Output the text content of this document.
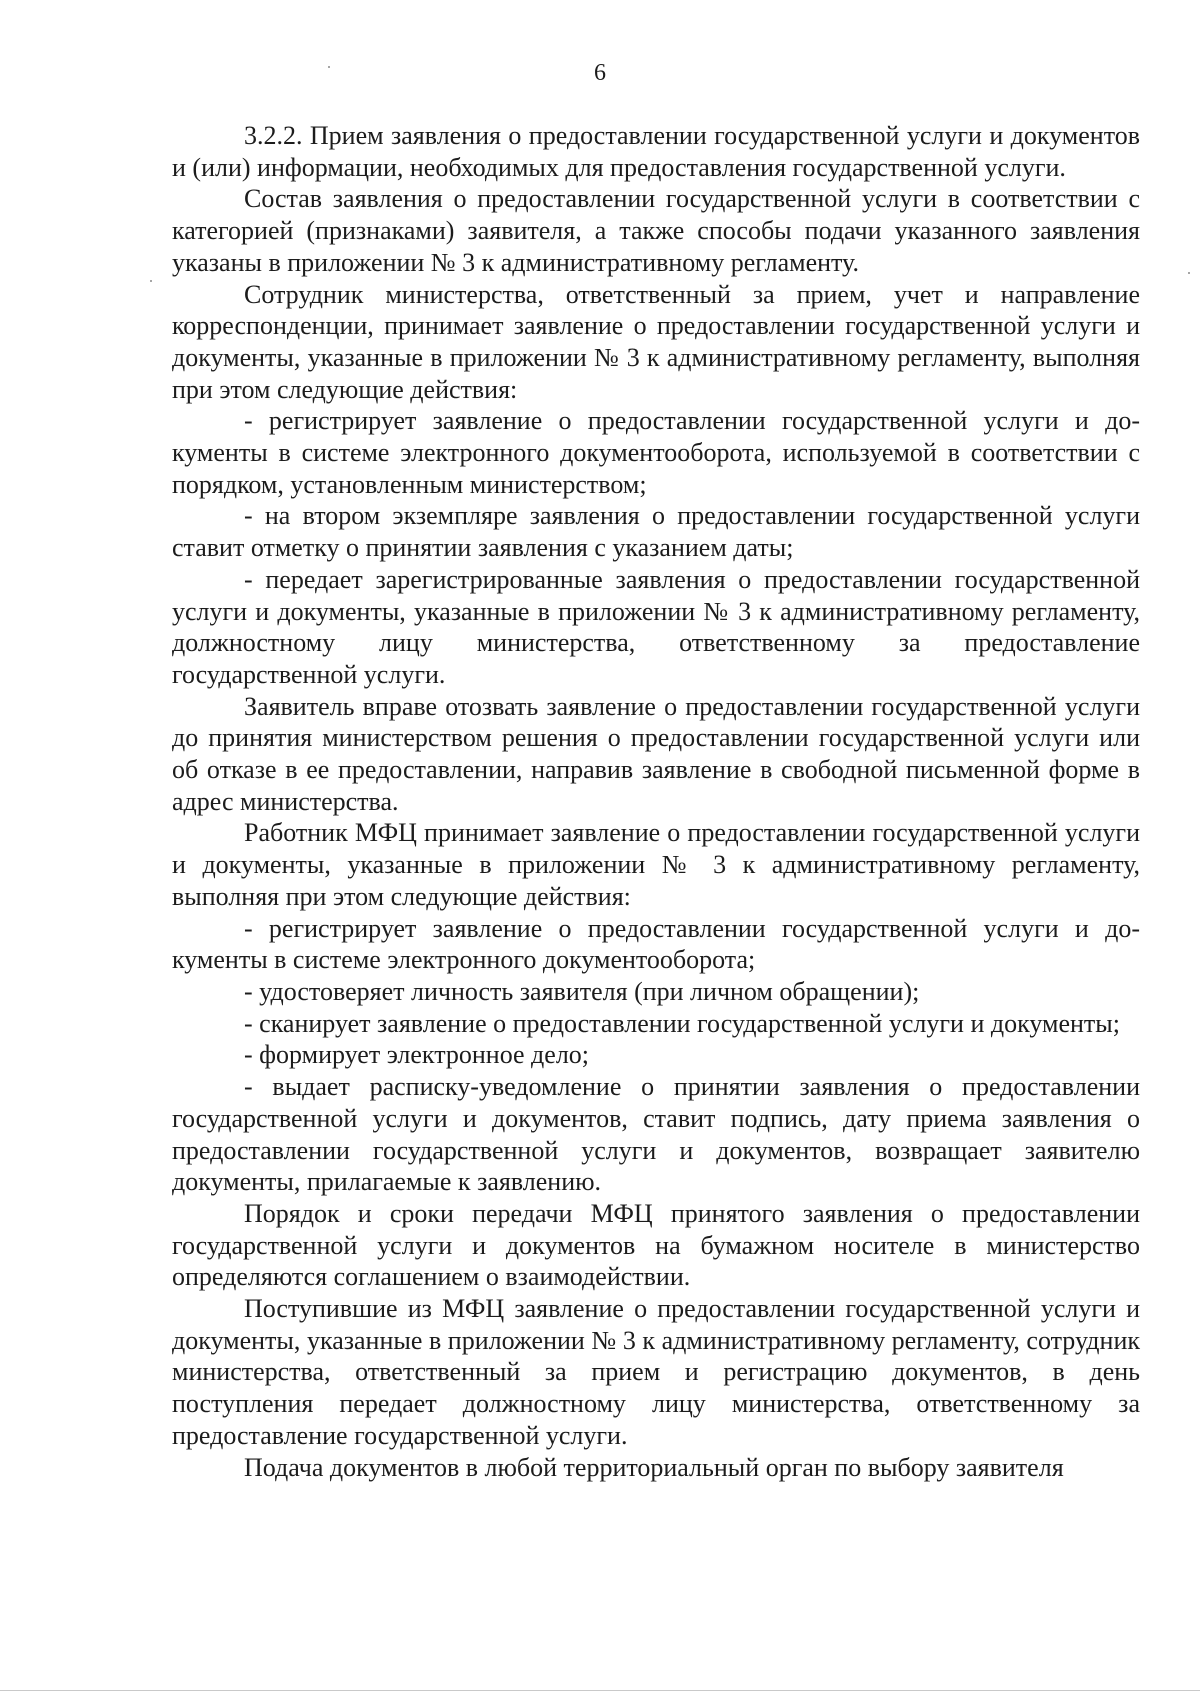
6

3.2.2. Прием заявления о предоставлении государственной услуги и документов и (или) информации, необходимых для предоставления государственной услуги.

Состав заявления о предоставлении государственной услуги в соответствии с категорией (признаками) заявителя, а также способы подачи указанного заявления указаны в приложении № 3 к административному регламенту.

Сотрудник министерства, ответственный за прием, учет и направление корреспонденции, принимает заявление о предоставлении государственной услуги и документы, указанные в приложении № 3 к административному регламенту, выполняя при этом следующие действия:

- регистрирует заявление о предоставлении государственной услуги и документы в системе электронного документооборота, используемой в соответствии с порядком, установленным министерством;

- на втором экземпляре заявления о предоставлении государственной услуги ставит отметку о принятии заявления с указанием даты;

- передает зарегистрированные заявления о предоставлении государственной услуги и документы, указанные в приложении № 3 к административному регламенту, должностному лицу министерства, ответственному за предоставление государственной услуги.

Заявитель вправе отозвать заявление о предоставлении государственной услуги до принятия министерством решения о предоставлении государственной услуги или об отказе в ее предоставлении, направив заявление в свободной письменной форме в адрес министерства.

Работник МФЦ принимает заявление о предоставлении государственной услуги и документы, указанные в приложении № 3 к административному регламенту, выполняя при этом следующие действия:

- регистрирует заявление о предоставлении государственной услуги и документы в системе электронного документооборота;

- удостоверяет личность заявителя (при личном обращении);

- сканирует заявление о предоставлении государственной услуги и документы;

- формирует электронное дело;

- выдает расписку-уведомление о принятии заявления о предоставлении государственной услуги и документов, ставит подпись, дату приема заявления о предоставлении государственной услуги и документов, возвращает заявителю документы, прилагаемые к заявлению.

Порядок и сроки передачи МФЦ принятого заявления о предоставлении государственной услуги и документов на бумажном носителе в министерство определяются соглашением о взаимодействии.

Поступившие из МФЦ заявление о предоставлении государственной услуги и документы, указанные в приложении № 3 к административному регламенту, сотрудник министерства, ответственный за прием и регистрацию документов, в день поступления передает должностному лицу министерства, ответственному за предоставление государственной услуги.

Подача документов в любой территориальный орган по выбору заявителя
